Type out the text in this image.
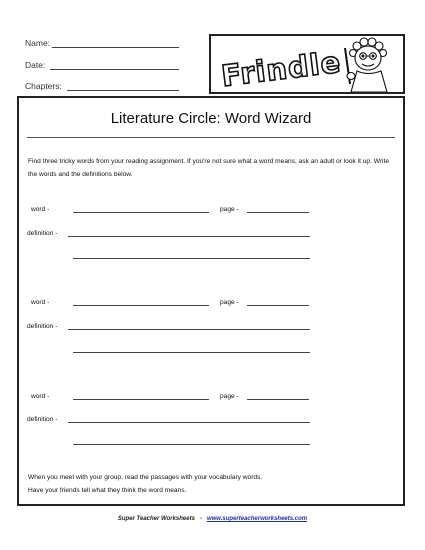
Name:
Date:
Chapters:	Frindle
Literature Circle: Word Wizard
Find three tricky words from your reading assignment. If you're not sure what a word means, ask an adult or look it up. Write the words and the definitions below.
word -	page -
definition -
word -	page -
definition -
word -	page -
definition -
When you meet with your group, read the passages with your vocabulary words.
Have your friends tell what they think the word means.
Super Teacher Worksheets - www.superteacherworksheets.com
